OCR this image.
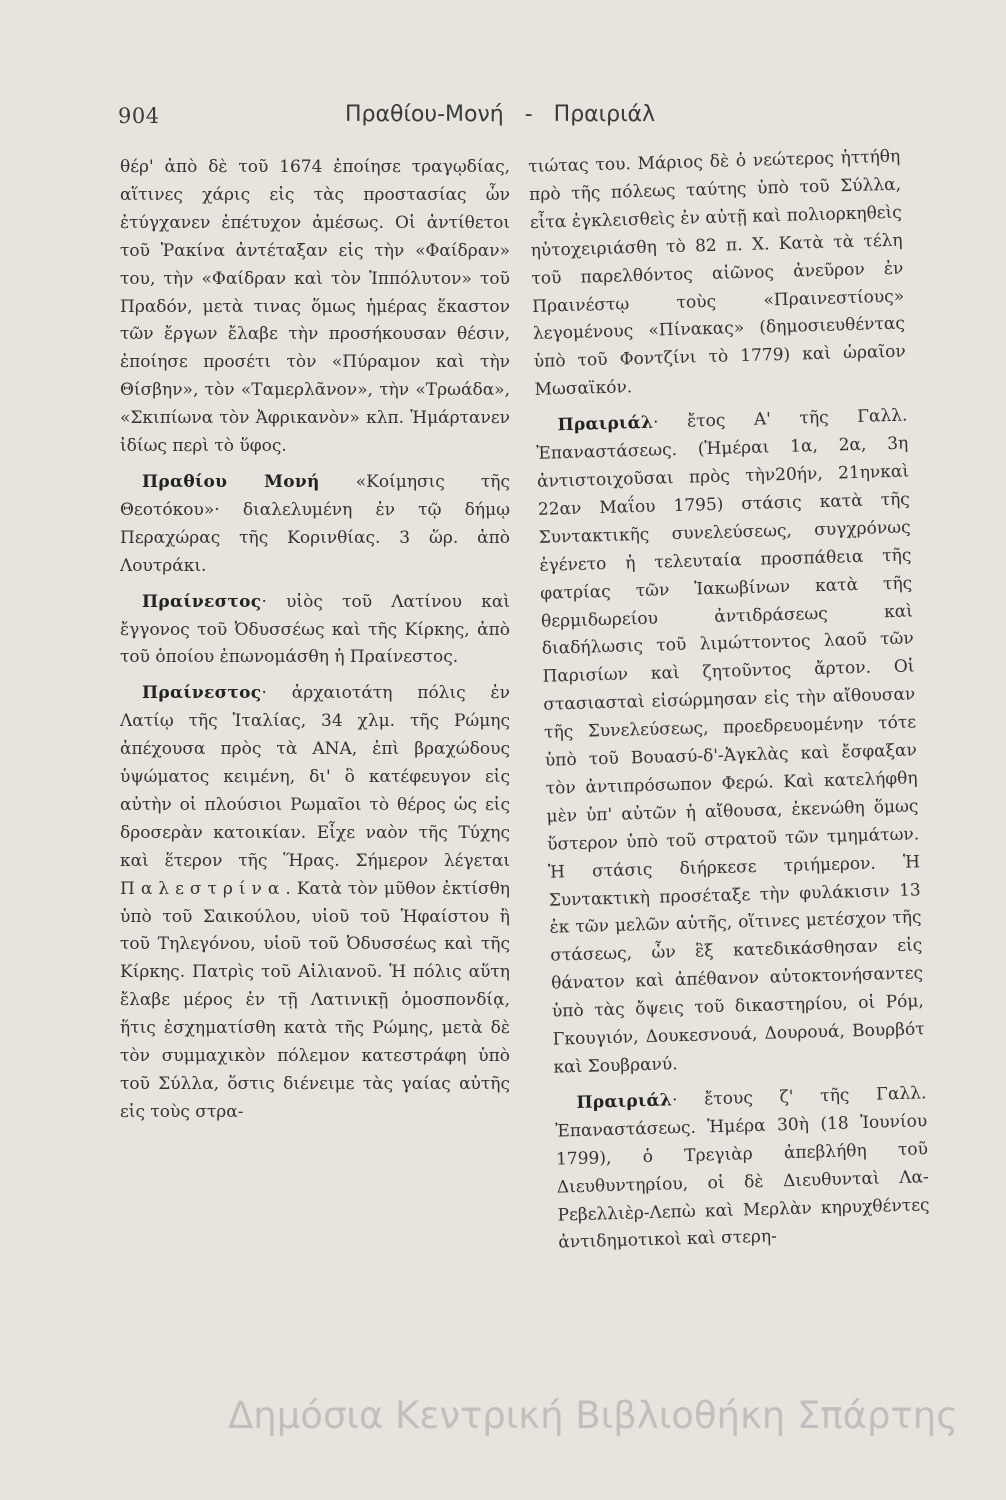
904	Πραθίου-Μονή - Πραιριάλ

θέρ' ἀπὸ δὲ τοῦ 1674 ἐποίησε τραγῳδίας, αἵτινες χάρις εἰς τὰς προστασίας ὧν ἐτύγχανεν ἐπέτυχον ἀμέσως. Οἱ ἀντίθετοι τοῦ Ῥακίνα ἀντέταξαν εἰς τὴν «Φαίδραν» του, τὴν «Φαίδραν καὶ τὸν Ἱππόλυτον» τοῦ Πραδόν, μετὰ τινας ὅμως ἡμέρας ἕκαστον τῶν ἔργων ἔλαβε τὴν προσήκουσαν θέσιν, ἐποίησε προσέτι τὸν «Πύραμον καὶ τὴν Θίσβην», τὸν «Ταμερλᾶνον», τὴν «Τρωάδα», «Σκιπίωνα τὸν Ἀφρικανὸν» κλπ. Ἡμάρτανεν ἰδίως περὶ τὸ ὕφος.

Πραθίου Μονή «Κοίμησις τῆς Θεοτόκου»· διαλελυμένη ἐν τῷ δήμῳ Περαχώρας τῆς Κορινθίας. 3 ὥρ. ἀπὸ Λουτράκι.

Πραίνεστος· υἱὸς τοῦ Λατίνου καὶ ἔγγονος τοῦ Ὀδυσσέως καὶ τῆς Κίρκης, ἀπὸ τοῦ ὁποίου ἐπωνομάσθη ἡ Πραίνεστος.

Πραίνεστος· ἀρχαιοτάτη πόλις ἐν Λατίῳ τῆς Ἰταλίας, 34 χλμ. τῆς Ρώμης ἀπέχουσα πρὸς τὰ ΑΝΑ, ἐπὶ βραχώδους ὑψώματος κειμένη, δι' ὃ κατέφευγον εἰς αὐτὴν οἱ πλούσιοι Ρωμαῖοι τὸ θέρος ὡς εἰς δροσερὰν κατοικίαν. Εἶχε ναὸν τῆς Τύχης καὶ ἕτερον τῆς Ἥρας. Σήμερον λέγεται Παλεστρίνα. Κατὰ τὸν μῦθον ἐκτίσθη ὑπὸ τοῦ Σαικούλου, υἱοῦ τοῦ Ἡφαίστου ἢ τοῦ Τηλεγόνου, υἱοῦ τοῦ Ὀδυσσέως καὶ τῆς Κίρκης. Πατρὶς τοῦ Αἰλιανοῦ. Ἡ πόλις αὕτη ἔλαβε μέρος ἐν τῇ Λατινικῇ ὁμοσπονδίᾳ, ἥτις ἐσχηματίσθη κατὰ τῆς Ρώμης, μετὰ δὲ τὸν συμμαχικὸν πόλεμον κατεστράφη ὑπὸ τοῦ Σύλλα, ὅστις διένειμε τὰς γαίας αὐτῆς εἰς τοὺς στρα-

τιώτας του. Μάριος δὲ ὁ νεώτερος ἡττήθη πρὸ τῆς πόλεως ταύτης ὑπὸ τοῦ Σύλλα, εἶτα ἐγκλεισθεὶς ἐν αὐτῇ καὶ πολιορκηθεὶς ηὐτοχειριάσθη τὸ 82 π. Χ. Κατὰ τὰ τέλη τοῦ παρελθόντος αἰῶνος ἀνεῦρον ἐν Πραινέστῳ τοὺς «Πραινεστίους» λεγομένους «Πίνακας» (δημοσιευθέντας ὑπὸ τοῦ Φοντζίνι τὸ 1779) καὶ ὡραῖον Μωσαϊκόν.

Πραιριάλ· ἔτος Α' τῆς Γαλλ. Ἐπαναστάσεως. (Ἡμέραι 1α, 2α, 3η ἀντιστοιχοῦσαι πρὸς τὴν20ήν, 21ηνκαὶ 22αν Μαΐου 1795) στάσις κατὰ τῆς Συντακτικῆς συνελεύσεως, συγχρόνως ἐγένετο ἡ τελευταία προσπάθεια τῆς φατρίας τῶν Ἰακωβίνων κατὰ τῆς θερμιδωρείου ἀντιδράσεως καὶ διαδήλωσις τοῦ λιμώττοντος λαοῦ τῶν Παρισίων καὶ ζητοῦντος ἄρτον. Οἱ στασιασταὶ εἰσώρμησαν εἰς τὴν αἴθουσαν τῆς Συνελεύσεως, προεδρευομένην τότε ὑπὸ τοῦ Βουασύ-δ'-Ἀγκλὰς καὶ ἔσφαξαν τὸν ἀντιπρόσωπον Φερώ. Καὶ κατελήφθη μὲν ὑπ' αὐτῶν ἡ αἴθουσα, ἐκενώθη ὅμως ὕστερον ὑπὸ τοῦ στρατοῦ τῶν τμημάτων. Ἡ στάσις διήρκεσε τριήμερον. Ἡ Συντακτικὴ προσέταξε τὴν φυλάκισιν 13 ἐκ τῶν μελῶν αὐτῆς, οἵτινες μετέσχον τῆς στάσεως, ὧν ἓξ κατεδικάσθησαν εἰς θάνατον καὶ ἀπέθανον αὐτοκτονήσαντες ὑπὸ τὰς ὄψεις τοῦ δικαστηρίου, οἱ Ρόμ, Γκουγιόν, Δουκεσνουά, Δουρουά, Βουρβότ καὶ Σουβρανύ.

Πραιριάλ· ἔτους ζ' τῆς Γαλλ. Ἐπαναστάσεως. Ἡμέρα 30ὴ (18 Ἰουνίου 1799), ὁ Τρεγιὰρ ἀπεβλήθη τοῦ Διευθυντηρίου, οἱ δὲ Διευθυνταὶ Λα-Ρεβελλιὲρ-Λεπὼ καὶ Μερλὰν κηρυχθέντες ἀντιδημοτικοὶ καὶ στερη-

Δημόσια Κεντρική Βιβλιοθήκη Σπάρτης
